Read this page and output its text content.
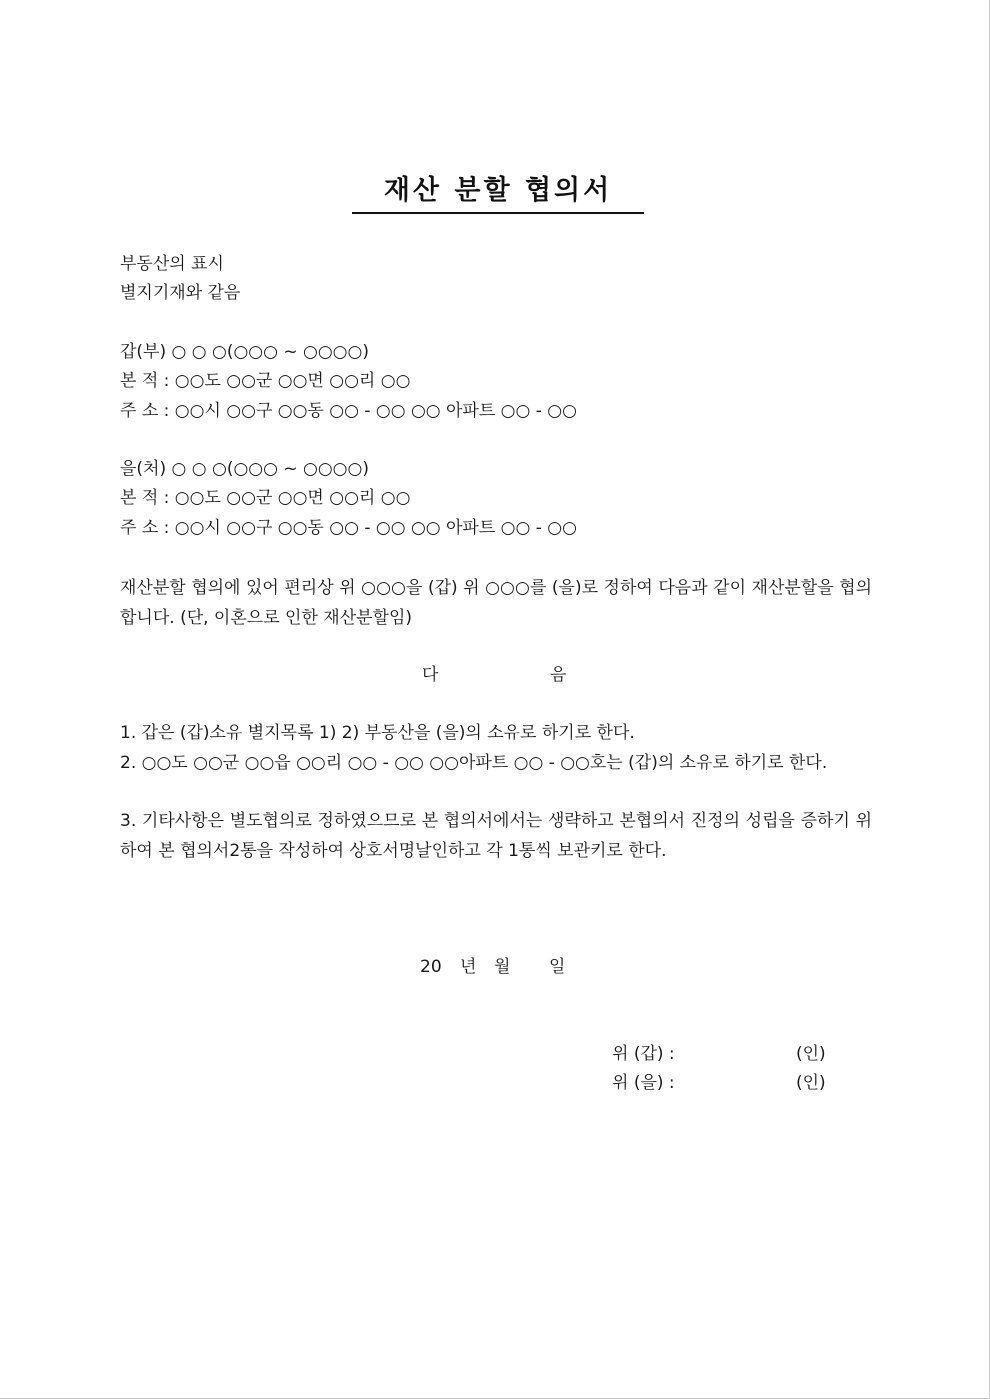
재산 분할 협의서
부동산의 표시
별지기재와 같음
갑(부) ○ ○ ○(○○○ ~ ○○○○)
본 적 : ○○도 ○○군 ○○면 ○○리 ○○
주 소 : ○○시 ○○구 ○○동 ○○ - ○○ ○○ 아파트 ○○ - ○○
을(처) ○ ○ ○(○○○ ~ ○○○○)
본 적 : ○○도 ○○군 ○○면 ○○리 ○○
주 소 : ○○시 ○○구 ○○동 ○○ - ○○ ○○ 아파트 ○○ - ○○
재산분할 협의에 있어 편리상 위 ○○○을 (갑) 위 ○○○를 (을)로 정하여 다음과 같이 재산분할을 협의합니다. (단, 이혼으로 인한 재산분할임)
다	음
1. 갑은 (갑)소유 별지목록 1) 2) 부동산을 (을)의 소유로 하기로 한다.
2. ○○도 ○○군 ○○읍 ○○리 ○○ - ○○ ○○아파트 ○○ - ○○호는 (갑)의 소유로 하기로 한다.
3. 기타사항은 별도협의로 정하였으므로 본 협의서에서는 생략하고 본협의서 진정의 성립을 증하기 위하여 본 협의서2통을 작성하여 상호서명날인하고 각 1통씩 보관키로 한다.
20 년 월 일
위 (갑) :	(인)
위 (을) :	(인)
